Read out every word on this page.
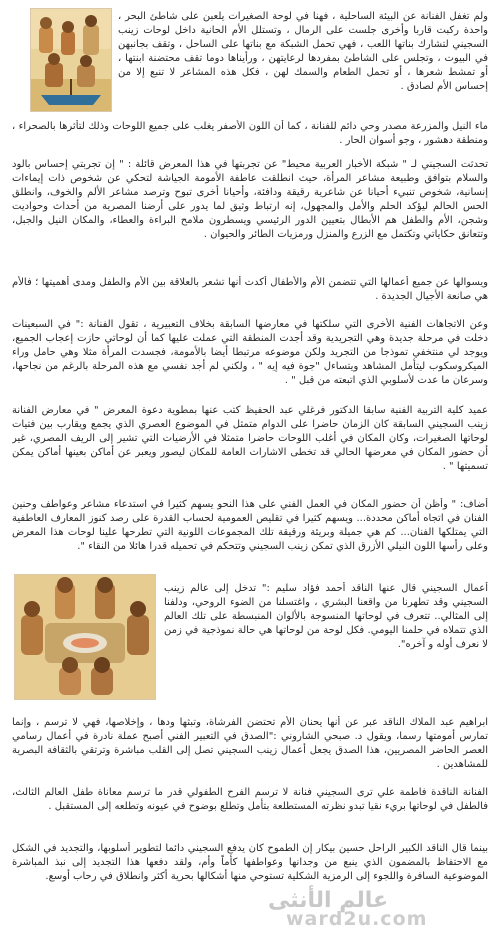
ولم تغفل الفنانة عن البيئة الساحلية ، فهنا في لوحة الصغيرات يلعبن على شاطئ البحر ، واحدة ركبت قاربا وأخرى جلست على الرمال ، وتستلل الأم الحانية داخل لوحات زينب السجيني لتشارك بناتها اللعب ، فهي تحمل الشبكة مع بناتها على الساحل ، وتقف بجانبهن في البيوت ، وتجلس على الشاطئ بمفردها لرعايتهن ، ورأيناها دوما تقف محتضنة ابنتها ، أو تمشط شعرها ، أو تحمل الطعام والسمك لهن ، فكل هذه المشاعر لا تنبع إلا من إحساس الأم لصادق .
ماء النيل والمزرعة مصدر وحي دائم للفنانة ، كما أن اللون الأصفر يغلب على جميع اللوحات وذلك لتأثرها بالصحراء ، ومنطقة دهشور ، وجو أسوان الحار .
تحدثت السجيني لـ " شبكة الأخبار العربية محيط" عن تجربتها في هذا المعرض قائلة : " إن تجربتي إحساس بالود والسلام بتوافق وطبيعة مشاعر المرأة، حيث انطلقت عاطفة الأمومة الجياشة لتحكي عن شخوص ذات إيماءات إنسانية، شخوص تنبيء أحيانا عن شاعرية رقيقة ودافئة، وأحيانا أخرى تبوح وترصد مشاعر الألم والخوف، وانطلق الحس الحالم ليؤكد الحلم والأمل والمجهول، إنه ارتباط وثيق لما يدور على أرضنا المصرية من أحداث وحواديت وشجن، الأم والطفل هم الأبطال بتعيين الدور الرئيسي ويسطرون ملامح البراءة والعطاء، والمكان النيل والجبل، وتتعانق حكاياتي وتكتمل مع الزرع والمنزل ورمزيات الطائر والحيوان .
ويسوالها عن جميع أعمالها التي تتضمن الأم والأطفال أكدت أنها تشعر بالعلاقة بين الأم والطفل ومدى أهميتها ؛ فالأم هي صانعة الأجيال الجديدة .
وعن الاتجاهات الفنية الأخرى التي سلكتها في معارضها السابقة بخلاف التعبيرية ، تقول الفنانة :" في السبعينات دخلت في مرحلة جديدة وهي التجريدية وقد أجدت المنطقة التي عملت عليها كما أن لوحاتي حازت إعجاب الجميع، ويوجد لي منتخفي تموذجا من التجريد ولكن موضوعه مرتبطا أيضا بالأمومة، فجسدت المرأة مثلا وهي حامل وراء الميكروسكوب ليتأمل المشاهد ويتساءل "جوة فيه إيه " ، ولكني لم أجد نفسي مع هذه المرحلة بالرغم من نجاحها، وسرعان ما عدت لأسلوبي الذي اتبعته من قبل " .
عميد كلية التربية الفنية سابقا الدكتور فرغلي عبد الحفيظ كتب عنها بمطوية دعوة المعرض " في معارض الفنانة زينب السجيني السابقة كان الزمان حاضرا على الدوام متمثل في الموضوع العصري الذي يجمع ويقارب بين فتيات لوحاتها الصغيرات، وكان المكان في أغلب اللوحات حاضرا متمثلا في الأرضيات التي تشير إلى الريف المصري، غير أن حضور المكان في معرضها الحالي قد تخطى الاشارات العامة للمكان ليصور ويعبر عن أماكن بعينها أماكن يمكن تسميتها " .
أضاف: " وأظن أن حضور المكان في العمل الفني على هذا النحو يسهم كثيرا في استدعاء مشاعر وعواطف وحنين الفنان في اتجاه أماكن محددة... ويسهم كثيرا في تقليص العمومية لحساب القدرة على رصد كنوز المعارف العاطفية التي يمتلكها الفنان... كم هي جميلة وبريئة ورقيقة تلك المجموعات اللونية التي تطرحها علينا لوحات هذا المعرض وعلى رأسها اللون النيلي الأزرق الذي تمكن زينب السجيني وتتحكم في تحميله قدرا هائلا من النقاء ".
أعمال السجيني قال عنها الناقد أحمد فؤاد سليم :" تدخل إلى عالم زينب السجيني وقد تطهرنا من واقعنا البشري ، واغتسلنا من الضوء الروحي، ودلفنا إلى المثالي.. تتعرف في لوحاتها المنسوجة بالألوان المنبسطة على تلك العالم الذي تتملاه في حلمنا اليومي. فكل لوحة من لوحاتها هي حالة نموذجية في زمن لا نعرف أوله و آخره".
ابراهيم عبد الملاك الناقد عبر عن أنها يحنان الأم تحتضن الفرشاة، وتبثها ودها ، وإخلاصها، فهي لا ترسم ، وإنما تمارس أمومتها رسما، ويقول د. صبحي الشاروني :"الصدق في التعبير الفني أصبح عملة نادرة في أعمال رسامي العصر الحاضر المصريين، هذا الصدق يجعل أعمال زينب السجيني تصل إلى القلب مباشرة وترتقي بالثقافة البصرية للمشاهدين .
الفنانة الناقدة فاطمة علي ترى السجيني فنانة لا ترسم الفرح الطفولي قدر ما ترسم معاناة طفل العالم الثالث، فالطفل في لوحاتها بريء نقيا تبدو نظرته المستطلعة بتأمل وتطلع بوضوح في عيونه وتطلعه إلى المستقبل .
بينما قال الناقد الكبير الراحل حسين بيكار إن الطموح كان يدفع السجيني دائما لتطوير أسلوبها، والتجديد في الشكل مع الاحتفاظ بالمضمون الذي ينبع من وجدانها وعواطفها كأماً وأم، ولقد دفعها هذا التجديد إلى نبذ المباشرة الموضوعية السافرة واللجوء إلى الرمزية الشكلية تستوحي منها أشكالها بحرية أكثر وانطلاق في رحاب أوسع.
عالم الأنثى
ward2u.com
